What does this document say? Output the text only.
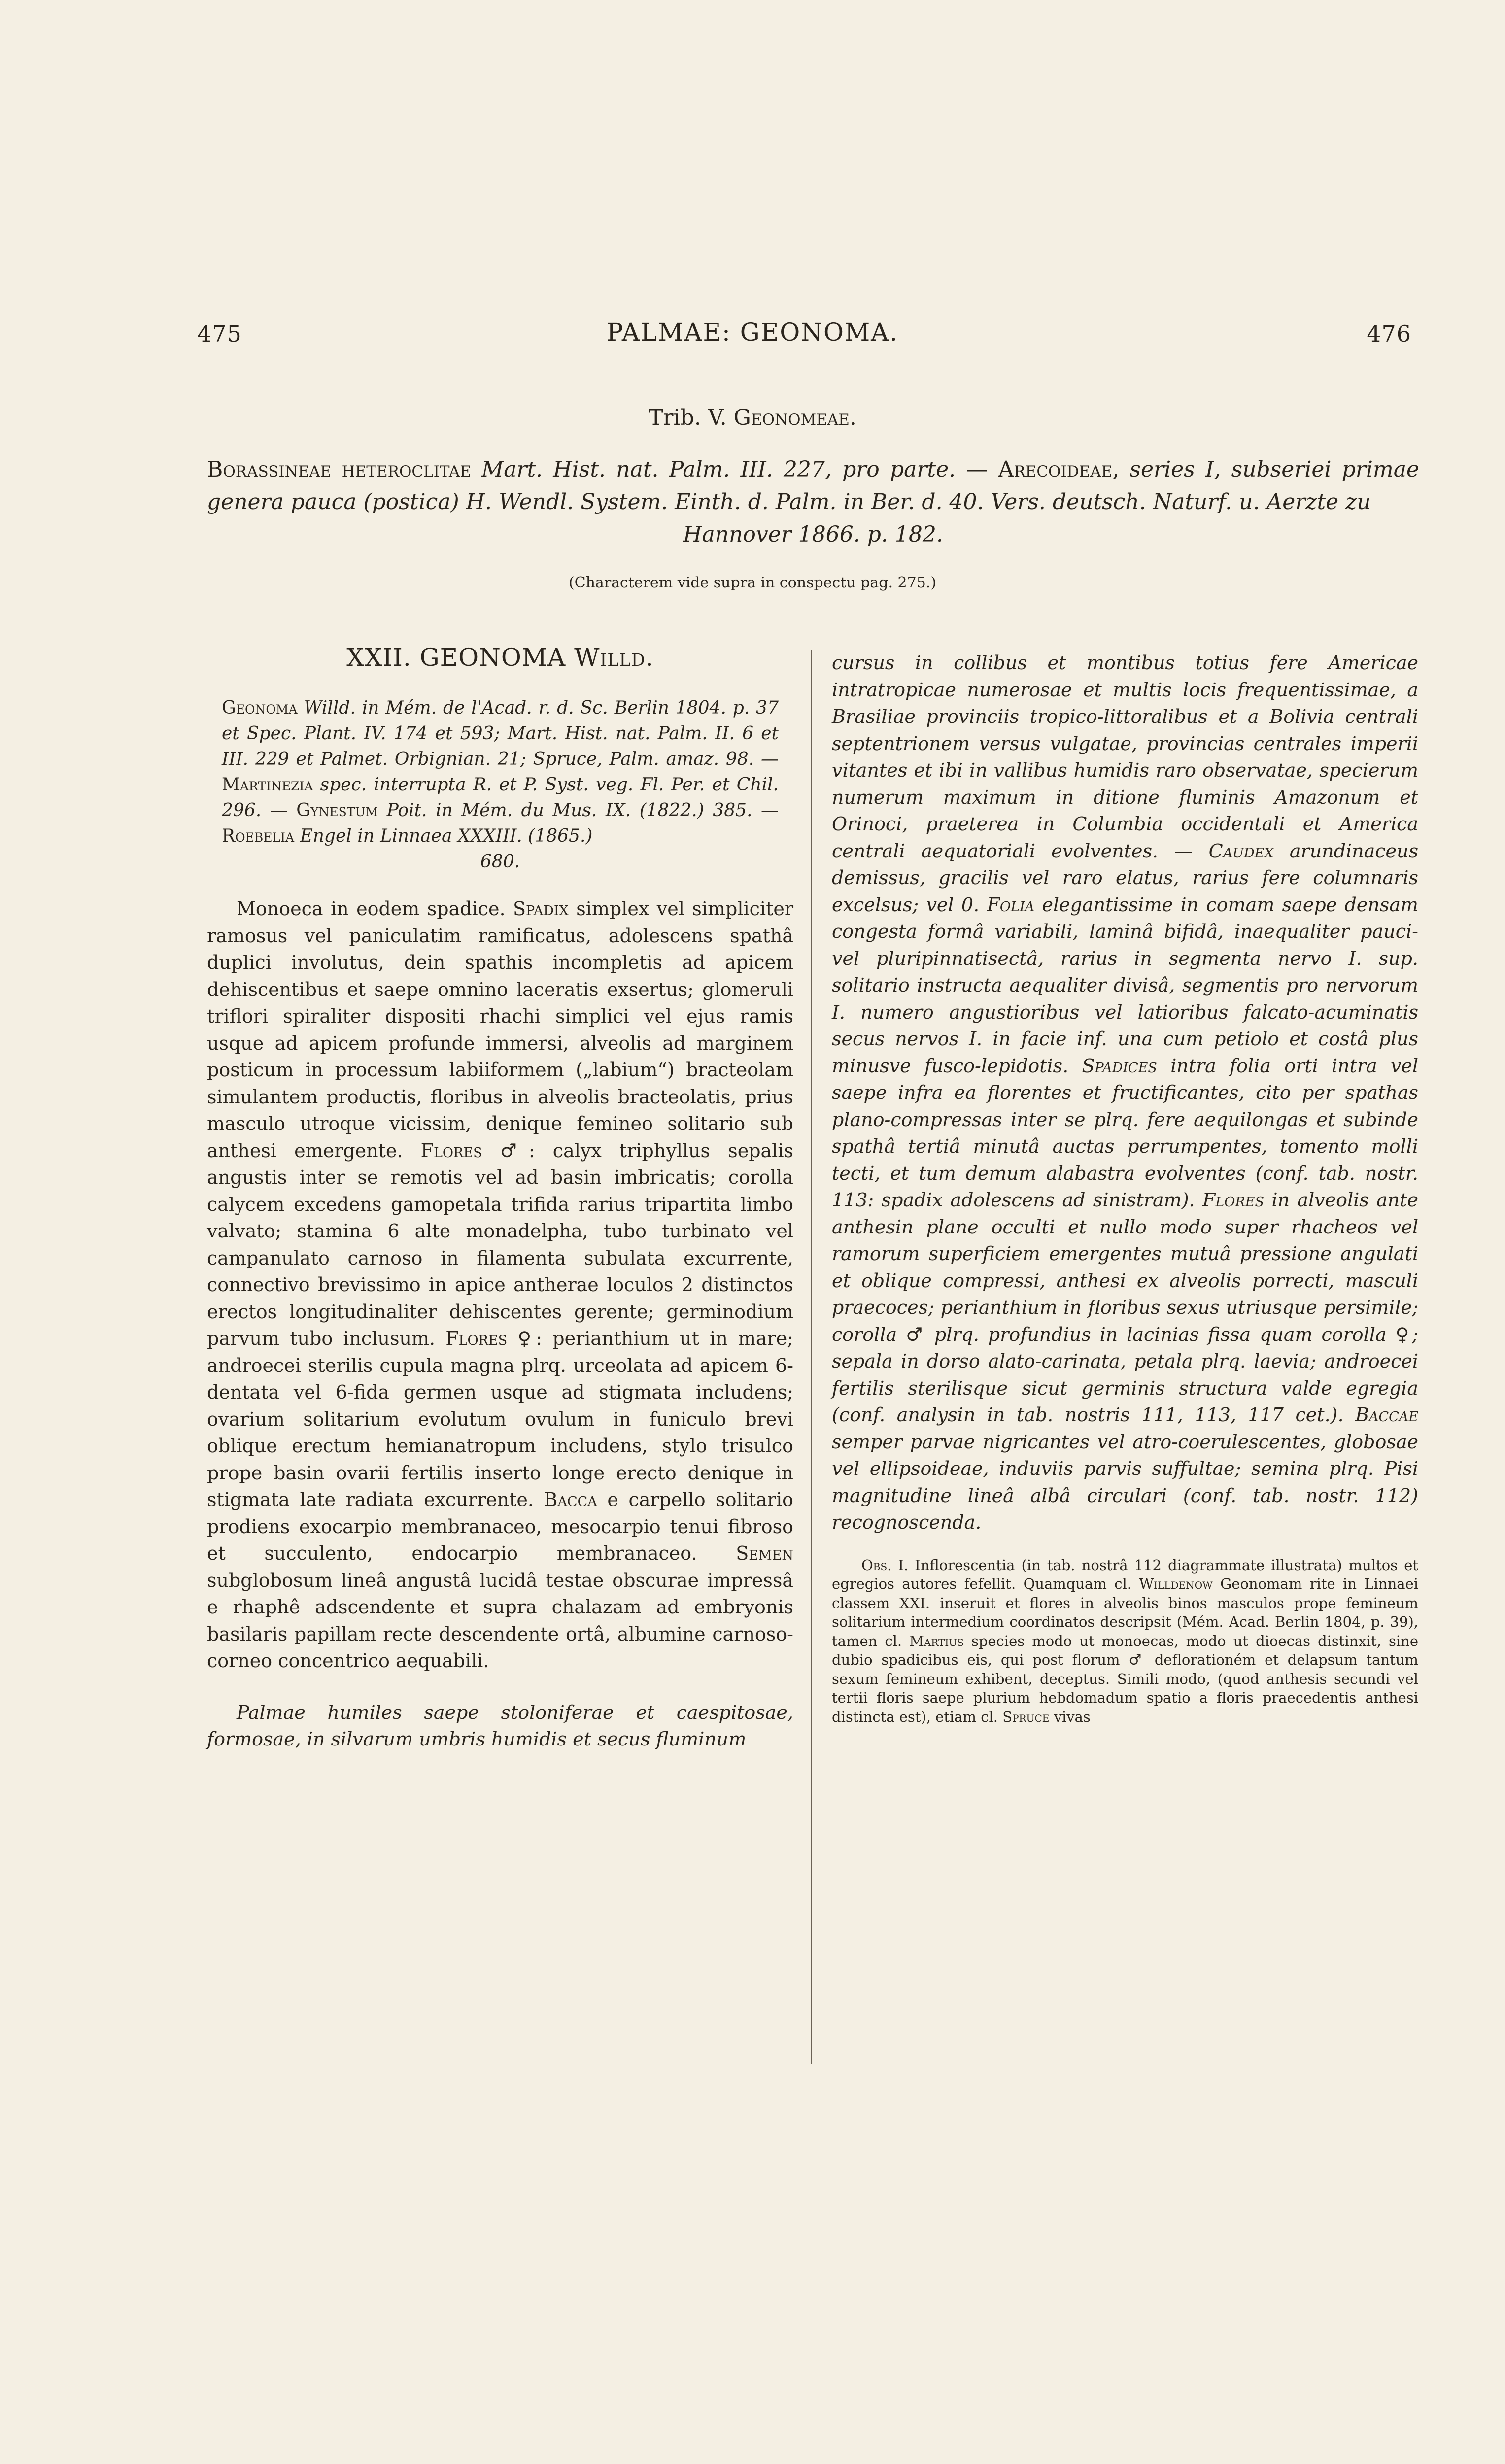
475	PALMAE: GEONOMA.	476
Trib. V. Geonomeae.
Borassineae heteroclitae Mart. Hist. nat. Palm. III. 227, pro parte. — Arecoideae, series I, subseriei primae genera pauca (postica) H. Wendl. System. Einth. d. Palm. in Ber. d. 40. Vers. deutsch. Naturf. u. Aerzte zu
Hannover 1866. p. 182.
(Characterem vide supra in conspectu pag. 275.)
XXII. GEONOMA Willd.
Geonoma Willd. in Mém. de l'Acad. r. d. Sc. Berlin 1804. p. 37 et Spec. Plant. IV. 174 et 593; Mart. Hist. nat. Palm. II. 6 et III. 229 et Palmet. Orbignian. 21; Spruce, Palm. amaz. 98. — Martinezia spec. interrupta R. et P. Syst. veg. Fl. Per. et Chil. 296. — Gynestum Poit. in Mém. du Mus. IX. (1822.) 385. — Roebelia Engel in Linnaea XXXIII. (1865.)
680.

Monoeca in eodem spadice. Spadix simplex vel simpliciter ramosus vel paniculatim ramificatus, adolescens spathâ duplici involutus, dein spathis incompletis ad apicem dehiscentibus et saepe omnino laceratis exsertus; glomeruli triflori spiraliter dispositi rhachi simplici vel ejus ramis usque ad apicem profunde immersi, alveolis ad marginem posticum in processum labiiformem („labium“) bracteolam simulantem productis, floribus in alveolis bracteolatis, prius masculo utroque vicissim, denique femineo solitario sub anthesi emergente. Flores ♂: calyx triphyllus sepalis angustis inter se remotis vel ad basin imbricatis; corolla calycem excedens gamopetala trifida rarius tripartita limbo valvato; stamina 6 alte monadelpha, tubo turbinato vel campanulato carnoso in filamenta subulata excurrente, connectivo brevissimo in apice antherae loculos 2 distinctos erectos longitudinaliter dehiscentes gerente; germinodium parvum tubo inclusum. Flores ♀: perianthium ut in mare; androecei sterilis cupula magna plrq. urceolata ad apicem 6-dentata vel 6-fida germen usque ad stigmata includens; ovarium solitarium evolutum ovulum in funiculo brevi oblique erectum hemianatropum includens, stylo trisulco prope basin ovarii fertilis inserto longe erecto denique in stigmata late radiata excurrente. Bacca e carpello solitario prodiens exocarpio membranaceo, mesocarpio tenui fibroso et succulento, endocarpio membranaceo. Semen subglobosum lineâ angustâ lucidâ testae obscurae impressâ e rhaphê adscendente et supra chalazam ad embryonis basilaris papillam recte descendente ortâ, albumine carnoso-corneo concentrico aequabili.

Palmae humiles saepe stoloniferae et caespitosae, formosae, in silvarum umbris humidis et secus fluminum

cursus in collibus et montibus totius fere Americae intratropicae numerosae et multis locis frequentissimae, a Brasiliae provinciis tropico-littoralibus et a Bolivia centrali septentrionem versus vulgatae, provincias centrales imperii vitantes et ibi in vallibus humidis raro observatae, specierum numerum maximum in ditione fluminis Amazonum et Orinoci, praeterea in Columbia occidentali et America centrali aequatoriali evolventes. — Caudex arundinaceus demissus, gracilis vel raro elatus, rarius fere columnaris excelsus; vel 0. Folia elegantissime in comam saepe densam congesta formâ variabili, laminâ bifidâ, inaequaliter pauci- vel pluripinnatisectâ, rarius in segmenta nervo I. sup. solitario instructa aequaliter divisâ, segmentis pro nervorum I. numero angustioribus vel latioribus falcato-acuminatis secus nervos I. in facie inf. una cum petiolo et costâ plus minusve fusco-lepidotis. Spadices intra folia orti intra vel saepe infra ea florentes et fructificantes, cito per spathas plano-compressas inter se plrq. fere aequilongas et subinde spathâ tertiâ minutâ auctas perrumpentes, tomento molli tecti, et tum demum alabastra evolventes (conf. tab. nostr. 113: spadix adolescens ad sinistram). Flores in alveolis ante anthesin plane occulti et nullo modo super rhacheos vel ramorum superficiem emergentes mutuâ pressione angulati et oblique compressi, anthesi ex alveolis porrecti, masculi praecoces; perianthium in floribus sexus utriusque persimile; corolla ♂ plrq. profundius in lacinias fissa quam corolla ♀; sepala in dorso alato-carinata, petala plrq. laevia; androecei fertilis sterilisque sicut germinis structura valde egregia (conf. analysin in tab. nostris 111, 113, 117 cet.). Baccae semper parvae nigricantes vel atro-coerulescentes, globosae vel ellipsoideae, induviis parvis suffultae; semina plrq. Pisi magnitudine lineâ albâ circulari (conf. tab. nostr. 112) recognoscenda.

Obs. I. Inflorescentia (in tab. nostrâ 112 diagrammate illustrata) multos et egregios autores fefellit. Quamquam cl. Willdenow Geonomam rite in Linnaei classem XXI. inseruit et flores in alveolis binos masculos prope femineum solitarium intermedium coordinatos descripsit (Mém. Acad. Berlin 1804, p. 39), tamen cl. Martius species modo ut monoecas, modo ut dioecas distinxit, sine dubio spadicibus eis, qui post florum ♂ deflorationém et delapsum tantum sexum femineum exhibent, deceptus. Simili modo, (quod anthesis secundi vel tertii floris saepe plurium hebdomadum spatio a floris praecedentis anthesi distincta est), etiam cl. Spruce vivas
